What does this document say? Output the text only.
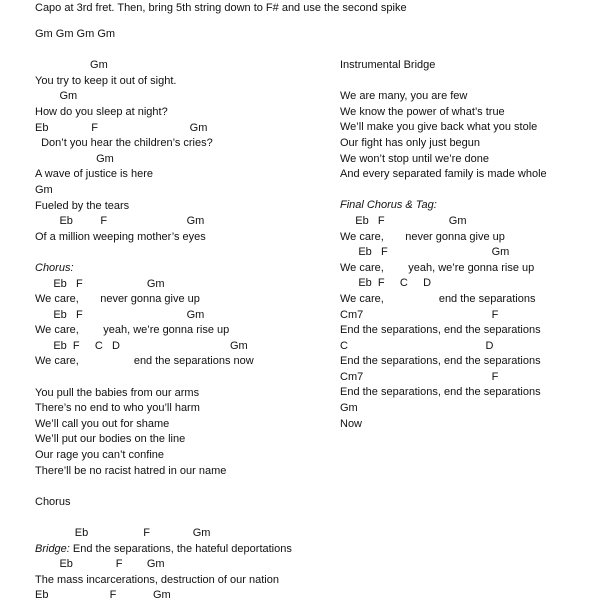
Capo at 3rd fret. Then, bring 5th string down to F# and use the second spike
Gm Gm Gm Gm

Gm
You try to keep it out of sight.
Gm
How do you sleep at night?
Eb              F                              Gm
Don’t you hear the children’s cries?
Gm
A wave of justice is here
Gm
Fueled by the tears
Eb         F                          Gm
Of a million weeping mother’s eyes

Chorus:
Eb   F                     Gm
We care,       never gonna give up
Eb   F                                  Gm
We care,        yeah, we’re gonna rise up
Eb  F     C   D                                    Gm
We care,                  end the separations now

You pull the babies from our arms
There’s no end to who you’ll harm
We’ll call you out for shame
We’ll put our bodies on the line
Our rage you can’t confine
There’ll be no racist hatred in our name

Chorus

Eb                  F              Gm
Bridge: End the separations, the hateful deportations
Eb              F        Gm
The mass incarcerations, destruction of our nation
Eb                    F            Gm
Instrumental Bridge

We are many, you are few
We know the power of what’s true
We’ll make you give back what you stole
Our fight has only just begun
We won’t stop until we’re done
And every separated family is made whole

Final Chorus & Tag:
Eb   F                     Gm
We care,       never gonna give up
Eb   F                                  Gm
We care,        yeah, we’re gonna rise up
Eb  F     C     D
We care,                  end the separations
Cm7                                          F
End the separations, end the separations
C                                             D
End the separations, end the separations
Cm7                                          F
End the separations, end the separations
Gm
Now
